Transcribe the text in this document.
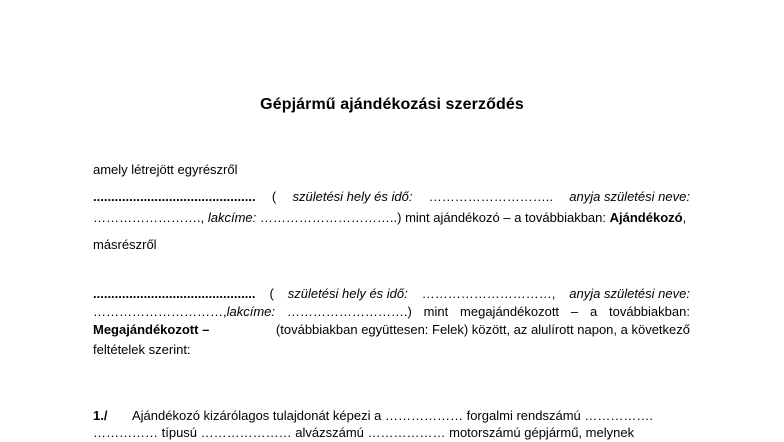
Gépjármű ajándékozási szerződés
amely létrejött egyrészről
............................................. ( születési hely és idő: ……………………….. anyja születési neve:
……………………., lakcíme: …………………………..) mint ajándékozó – a továbbiakban: Ajándékozó,
másrészről
............................................. ( születési hely és idő: …………………………, anyja születési neve:
…………………………,lakcíme: ……………………….) mint megajándékozott – a továbbiakban:
Megajándékozott –	(továbbiakban együttesen: Felek) között, az alulírott napon, a következő
feltételek szerint:
1./ Ajándékozó kizárólagos tulajdonát képezi a ……………… forgalmi rendszámú …………….
…………… típusú ………………… alvázszámú ……………… motorszámú gépjármű, melynek
